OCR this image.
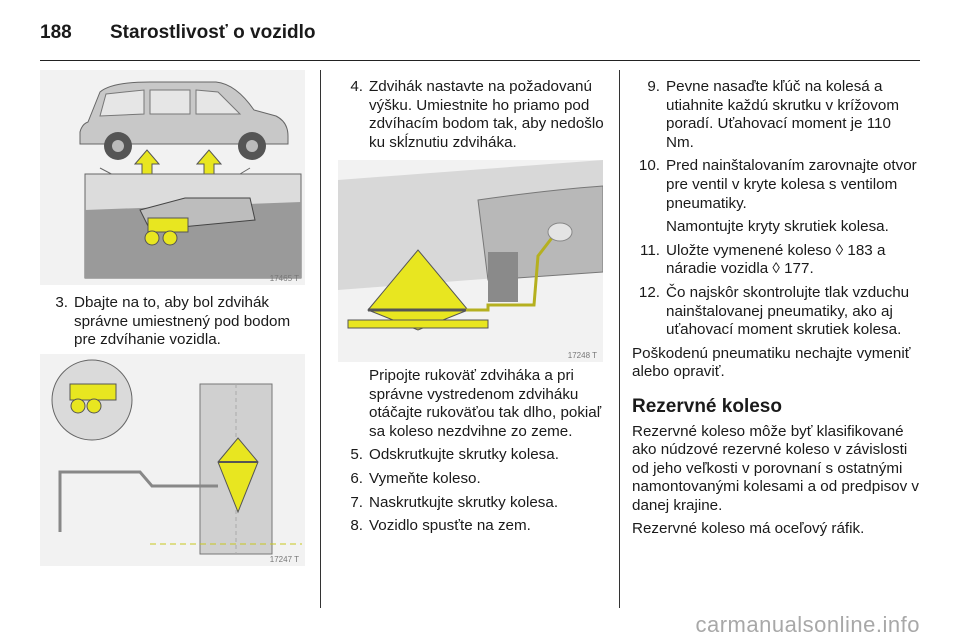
188	Starostlivosť o vozidlo
17465 T
3. Dbajte na to, aby bol zdvihák správne umiestnený pod bodom pre zdvíhanie vozidla.
17247 T
4. Zdvihák nastavte na požadovanú výšku. Umiestnite ho priamo pod zdvíhacím bodom tak, aby nedošlo ku skĺznutiu zdviháka.
17248 T
Pripojte rukoväť zdviháka a pri správne vystredenom zdviháku otáčajte rukoväťou tak dlho, pokiaľ sa koleso nezdvihne zo zeme.
5. Odskrutkujte skrutky kolesa.
6. Vymeňte koleso.
7. Naskrutkujte skrutky kolesa.
8. Vozidlo spusťte na zem.
9. Pevne nasaďte kľúč na kolesá a utiahnite každú skrutku v krížovom poradí. Uťahovací moment je 110 Nm.
10. Pred nainštalovaním zarovnajte otvor pre ventil v kryte kolesa s ventilom pneumatiky.
Namontujte kryty skrutiek kolesa.
11. Uložte vymenené koleso ◊ 183 a náradie vozidla ◊ 177.
12. Čo najskôr skontrolujte tlak vzduchu nainštalovanej pneumatiky, ako aj uťahovací moment skrutiek kolesa.
Poškodenú pneumatiku nechajte vymeniť alebo opraviť.
Rezervné koleso
Rezervné koleso môže byť klasifikované ako núdzové rezervné koleso v závislosti od jeho veľkosti v porovnaní s ostatnými namontovanými kolesami a od predpisov v danej krajine.
Rezervné koleso má oceľový ráfik.
carmanualsonline.info
